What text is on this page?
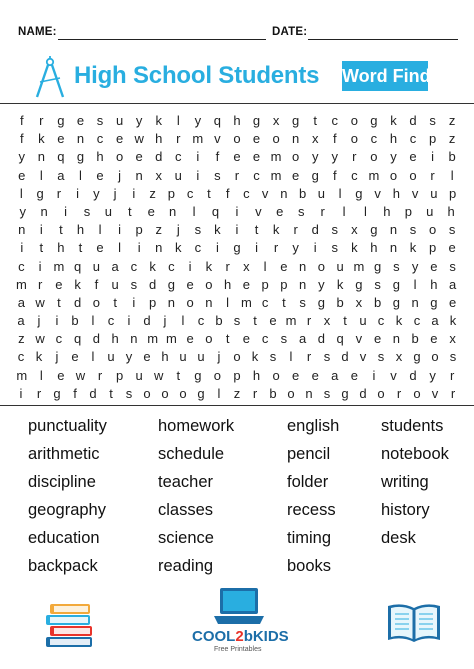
NAME:	DATE:
High School Students Word Find
f	r	g e s u y	k	l	y q h g x g	t	c o g k d s	z
f	k e n c e w h	r m v o e o n x	f	o c h c p z
y n q g h o e d c	i	f	e e m o y	y	r	o y e	i	b
e	l	a	l	e	j	n x u	i	s	r	c m e g	f	c m o o	r	l
l	g r	i	y	j	i	z p c	t	f	c v n b u	l	g v h v u p
y	n	i	s	u	t	e	n	l	q	i	v	e	s	r	l	l	h	p	u	h
n	i	t	h	l	i	p z	j	s	k	i	t	k	r	d s	x g n s o s
i	t	h	t	e	l	i	n k	c	i	g	i	r	y	i	s	k h n k p e
c	i m q u a c k c	i	k	r	x	l	e n o u m g s y e s
m r e k	f	u s d g e o h e p p n y k g s g	l	h a
a w t	d o	t	i	p n o n	l m c	t	s g b x b g n g e
a j	i b l	c	i d j	l	c b s t e m r x t u c k c a k
z w c q d h n m m e o	t	e c s a d q v e n b e x
c k	j e l u y e h u u j o k s	l	r s d v s x g o s
m l	e w r	p u w	t	g o p h o e e a e	i	v d y	r
i	r g f d t s o o o g l	z r b o n s g d o r o v r
punctuality
arithmetic
discipline
geography
education
backpack
homework
schedule
teacher
classes
science
reading
english
pencil
folder
recess
timing
books
students
notebook
writing
history
desk
COOL2bKIDS
Free Printables
